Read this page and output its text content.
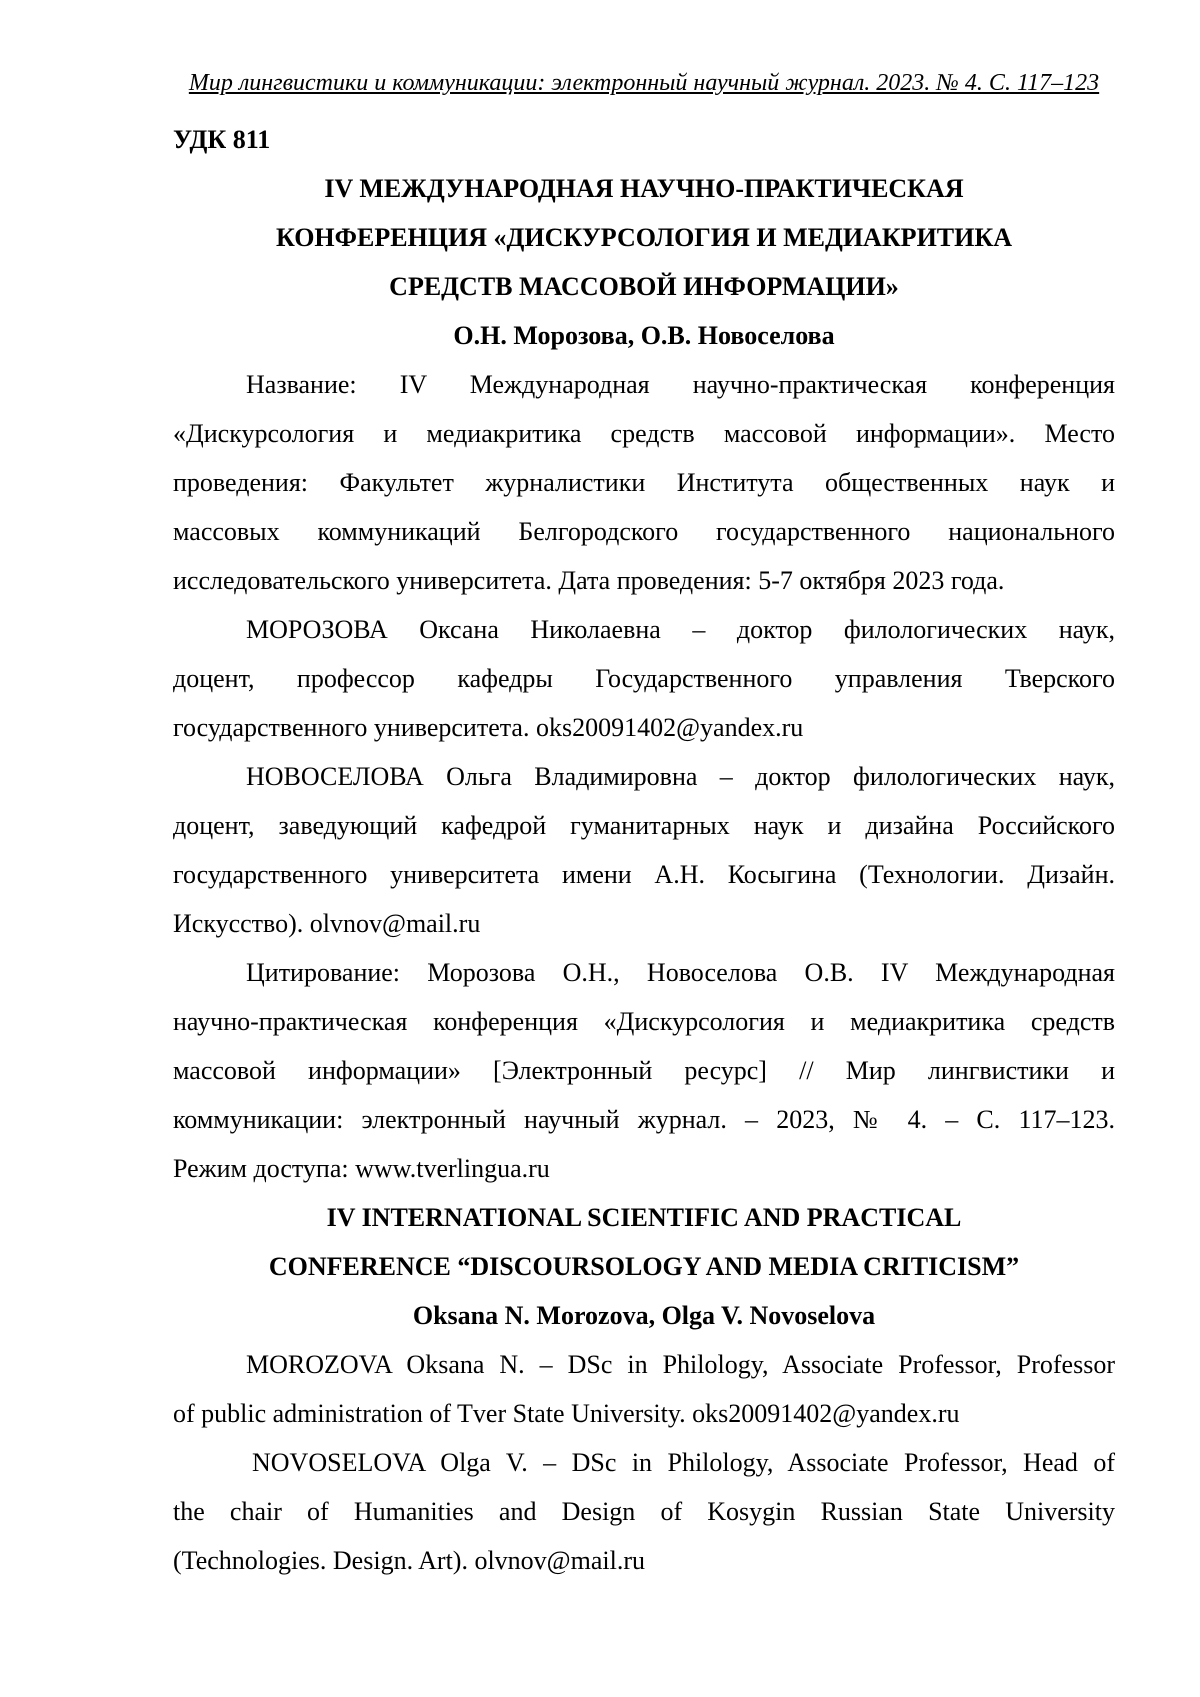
Мир лингвистики и коммуникации: электронный научный журнал. 2023. № 4. С. 117–123
УДК 811
IV МЕЖДУНАРОДНАЯ НАУЧНО-ПРАКТИЧЕСКАЯ
КОНФЕРЕНЦИЯ «ДИСКУРСОЛОГИЯ И МЕДИАКРИТИКА
СРЕДСТВ МАССОВОЙ ИНФОРМАЦИИ»
О.Н. Морозова, О.В. Новоселова
Название: IV Международная научно-практическая конференция
«Дискурсология и медиакритика средств массовой информации». Место
проведения: Факультет журналистики Института общественных наук и
массовых коммуникаций Белгородского государственного национального
исследовательского университета. Дата проведения: 5-7 октября 2023 года.
МОРОЗОВА Оксана Николаевна – доктор филологических наук,
доцент, профессор кафедры Государственного управления Тверского
государственного университета. oks20091402@yandex.ru
НОВОСЕЛОВА Ольга Владимировна – доктор филологических наук,
доцент, заведующий кафедрой гуманитарных наук и дизайна Российского
государственного университета имени А.Н. Косыгина (Технологии. Дизайн.
Искусство). olvnov@mail.ru
Цитирование: Морозова О.Н., Новоселова О.В. IV Международная
научно-практическая конференция «Дискурсология и медиакритика средств
массовой информации» [Электронный ресурс] // Мир лингвистики и
коммуникации: электронный научный журнал. – 2023, № 4. – С. 117–123.
Режим доступа: www.tverlingua.ru
IV INTERNATIONAL SCIENTIFIC AND PRACTICAL
CONFERENCE “DISCOURSOLOGY AND MEDIA CRITICISM”
Oksana N. Morozova, Olga V. Novoselova
MOROZOVA Oksana N. – DSc in Philology, Associate Professor, Professor
of public administration of Tver State University. oks20091402@yandex.ru
NOVOSELOVA Olga V. – DSc in Philology, Associate Professor, Head of
the chair of Humanities and Design of Kosygin Russian State University
(Technologies. Design. Art). olvnov@mail.ru
